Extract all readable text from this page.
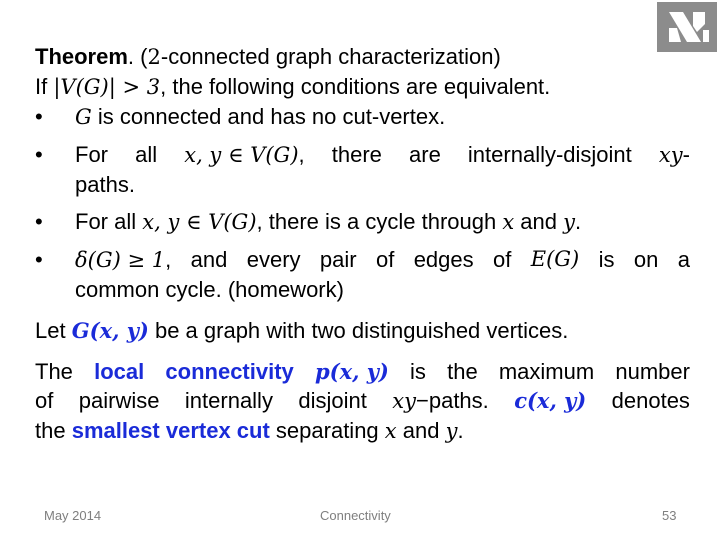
Theorem. (2-connected graph characterization)
If |V(G)| > 3, the following conditions are equivalent.
•	G is connected and has no cut-vertex.
•	For all x, y ∈ V(G), there are internally-disjoint xy-
paths.
•	For all x, y ∈ V(G), there is a cycle through x and y.
•	δ(G) ≥ 1, and every pair of edges of E(G) is on a
common cycle. (homework)
Let G(x, y) be a graph with two distinguished vertices.
The local connectivity p(x, y) is the maximum number
of pairwise internally disjoint xy−paths. c(x, y) denotes
the smallest vertex cut separating x and y.
May 2014	Connectivity	53
